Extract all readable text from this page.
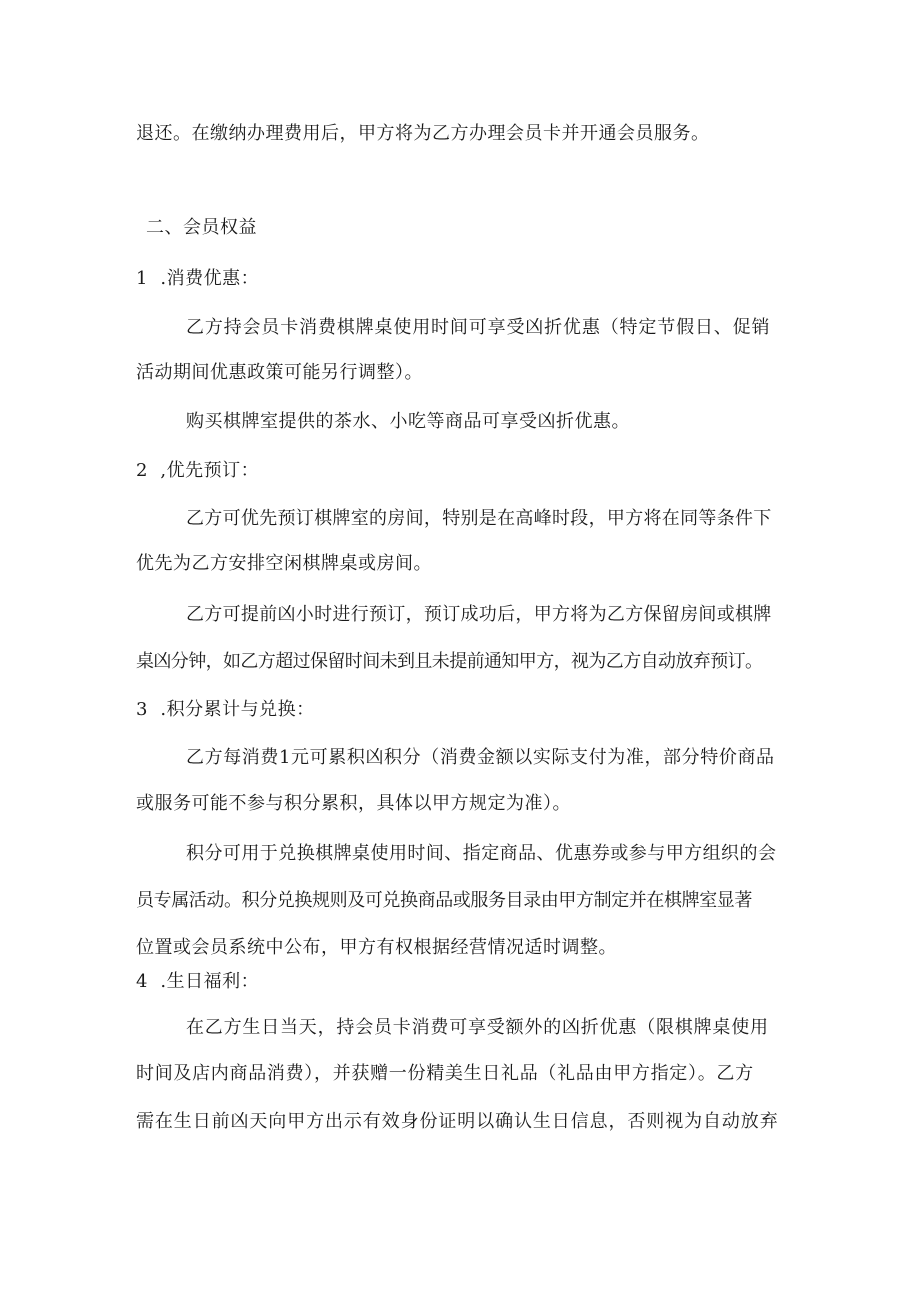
退还。在缴纳办理费用后，甲方将为乙方办理会员卡并开通会员服务。
二、会员权益
1  .消费优惠：
乙方持会员卡消费棋牌桌使用时间可享受凶折优惠（特定节假日、促销
活动期间优惠政策可能另行调整）。
购买棋牌室提供的茶水、小吃等商品可享受凶折优惠。
2  ,优先预订：
乙方可优先预订棋牌室的房间，特别是在高峰时段，甲方将在同等条件下
优先为乙方安排空闲棋牌桌或房间。
乙方可提前凶小时进行预订，预订成功后，甲方将为乙方保留房间或棋牌
桌凶分钟，如乙方超过保留时间未到且未提前通知甲方，视为乙方自动放弃预订。
3  .积分累计与兑换：
乙方每消费1元可累积凶积分（消费金额以实际支付为准，部分特价商品
或服务可能不参与积分累积，具体以甲方规定为准）。
积分可用于兑换棋牌桌使用时间、指定商品、优惠券或参与甲方组织的会
员专属活动。积分兑换规则及可兑换商品或服务目录由甲方制定并在棋牌室显著
位置或会员系统中公布，甲方有权根据经营情况适时调整。
4  .生日福利：
在乙方生日当天，持会员卡消费可享受额外的凶折优惠（限棋牌桌使用
时间及店内商品消费），并获赠一份精美生日礼品（礼品由甲方指定）。乙方
需在生日前凶天向甲方出示有效身份证明以确认生日信息，否则视为自动放弃
